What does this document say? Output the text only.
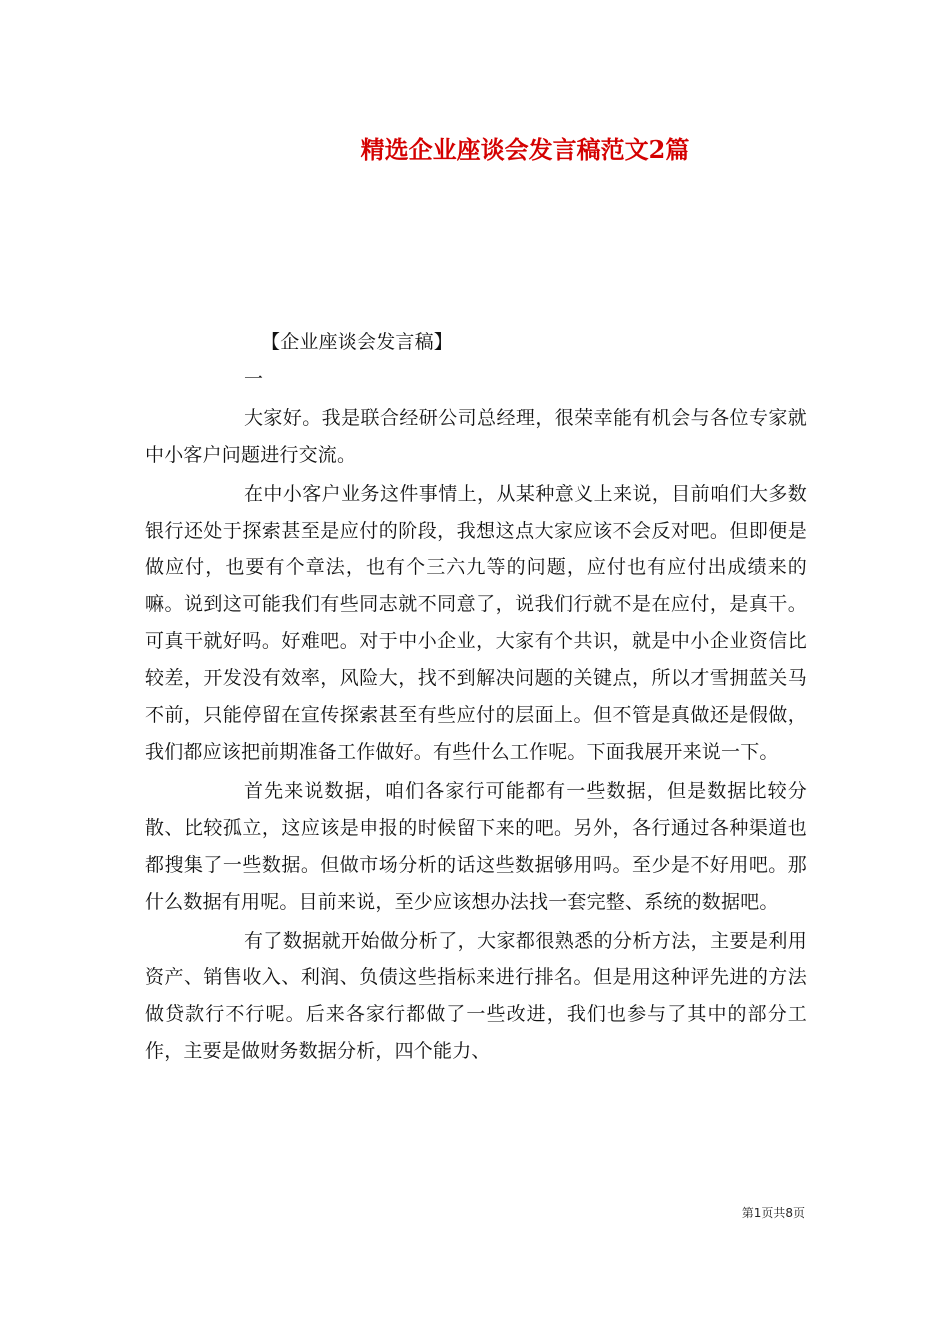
精选企业座谈会发言稿范文2篇

【企业座谈会发言稿】

一

大家好。我是联合经研公司总经理，很荣幸能有机会与各位专家就中小客户问题进行交流。

在中小客户业务这件事情上，从某种意义上来说，目前咱们大多数银行还处于探索甚至是应付的阶段，我想这点大家应该不会反对吧。但即便是做应付，也要有个章法，也有个三六九等的问题，应付也有应付出成绩来的嘛。说到这可能我们有些同志就不同意了，说我们行就不是在应付，是真干。可真干就好吗。好难吧。对于中小企业，大家有个共识，就是中小企业资信比较差，开发没有效率，风险大，找不到解决问题的关键点，所以才雪拥蓝关马不前，只能停留在宣传探索甚至有些应付的层面上。但不管是真做还是假做，我们都应该把前期准备工作做好。有些什么工作呢。下面我展开来说一下。

首先来说数据，咱们各家行可能都有一些数据，但是数据比较分散、比较孤立，这应该是申报的时候留下来的吧。另外，各行通过各种渠道也都搜集了一些数据。但做市场分析的话这些数据够用吗。至少是不好用吧。那什么数据有用呢。目前来说，至少应该想办法找一套完整、系统的数据吧。

有了数据就开始做分析了，大家都很熟悉的分析方法，主要是利用资产、销售收入、利润、负债这些指标来进行排名。但是用这种评先进的方法做贷款行不行呢。后来各家行都做了一些改进，我们也参与了其中的部分工作，主要是做财务数据分析，四个能力、

第1页共8页
